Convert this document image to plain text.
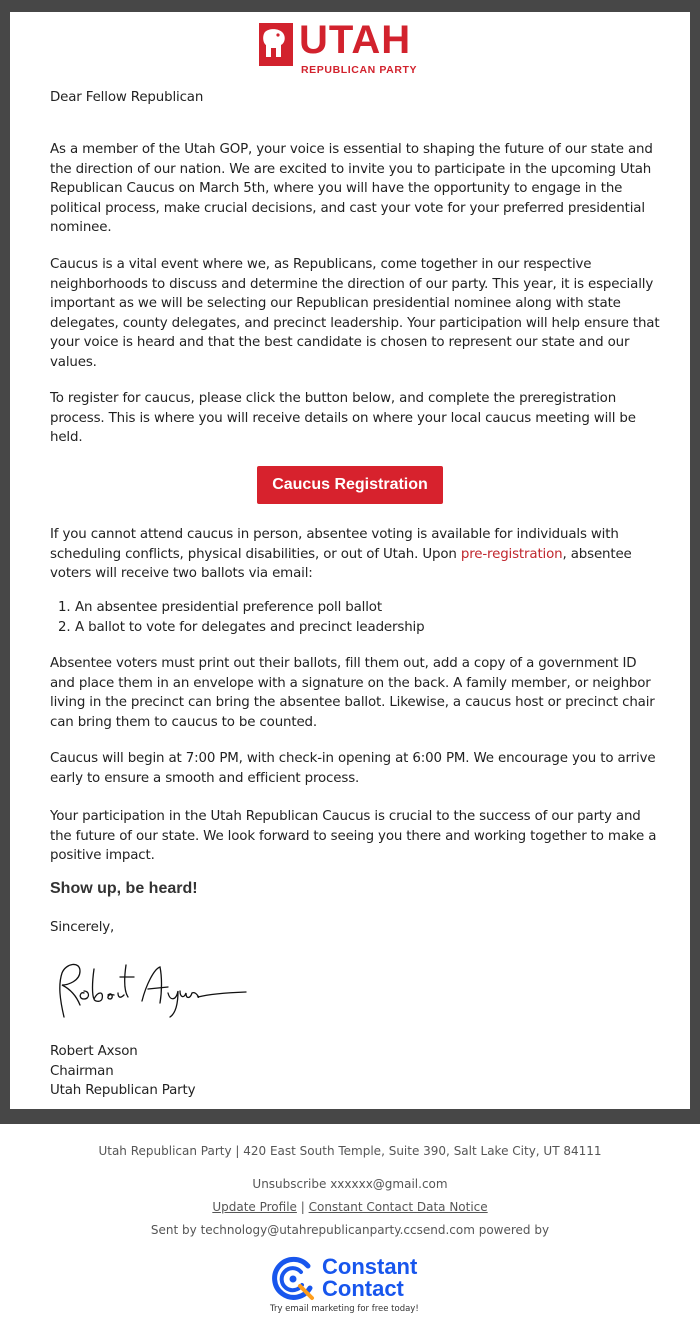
UTAH
REPUBLICAN PARTY

Dear Fellow Republican

As a member of the Utah GOP, your voice is essential to shaping the future of our state and the direction of our nation. We are excited to invite you to participate in the upcoming Utah Republican Caucus on March 5th, where you will have the opportunity to engage in the political process, make crucial decisions, and cast your vote for your preferred presidential nominee.

Caucus is a vital event where we, as Republicans, come together in our respective neighborhoods to discuss and determine the direction of our party. This year, it is especially important as we will be selecting our Republican presidential nominee along with state delegates, county delegates, and precinct leadership. Your participation will help ensure that your voice is heard and that the best candidate is chosen to represent our state and our values.

To register for caucus, please click the button below, and complete the preregistration process. This is where you will receive details on where your local caucus meeting will be held.

Caucus Registration

If you cannot attend caucus in person, absentee voting is available for individuals with scheduling conflicts, physical disabilities, or out of Utah. Upon pre-registration, absentee voters will receive two ballots via email:

1. An absentee presidential preference poll ballot
2. A ballot to vote for delegates and precinct leadership

Absentee voters must print out their ballots, fill them out, add a copy of a government ID and place them in an envelope with a signature on the back. A family member, or neighbor living in the precinct can bring the absentee ballot. Likewise, a caucus host or precinct chair can bring them to caucus to be counted.

Caucus will begin at 7:00 PM, with check-in opening at 6:00 PM. We encourage you to arrive early to ensure a smooth and efficient process.

Your participation in the Utah Republican Caucus is crucial to the success of our party and the future of our state. We look forward to seeing you there and working together to make a positive impact.

Show up, be heard!

Sincerely,

Robert Axson

Chairman

Utah Republican Party

Utah Republican Party | 420 East South Temple, Suite 390, Salt Lake City, UT 84111
Unsubscribe xxxxxx@gmail.com
Update Profile | Constant Contact Data Notice
Sent by technology@utahrepublicanparty.ccsend.com powered by
Constant
Contact
Try email marketing for free today!
